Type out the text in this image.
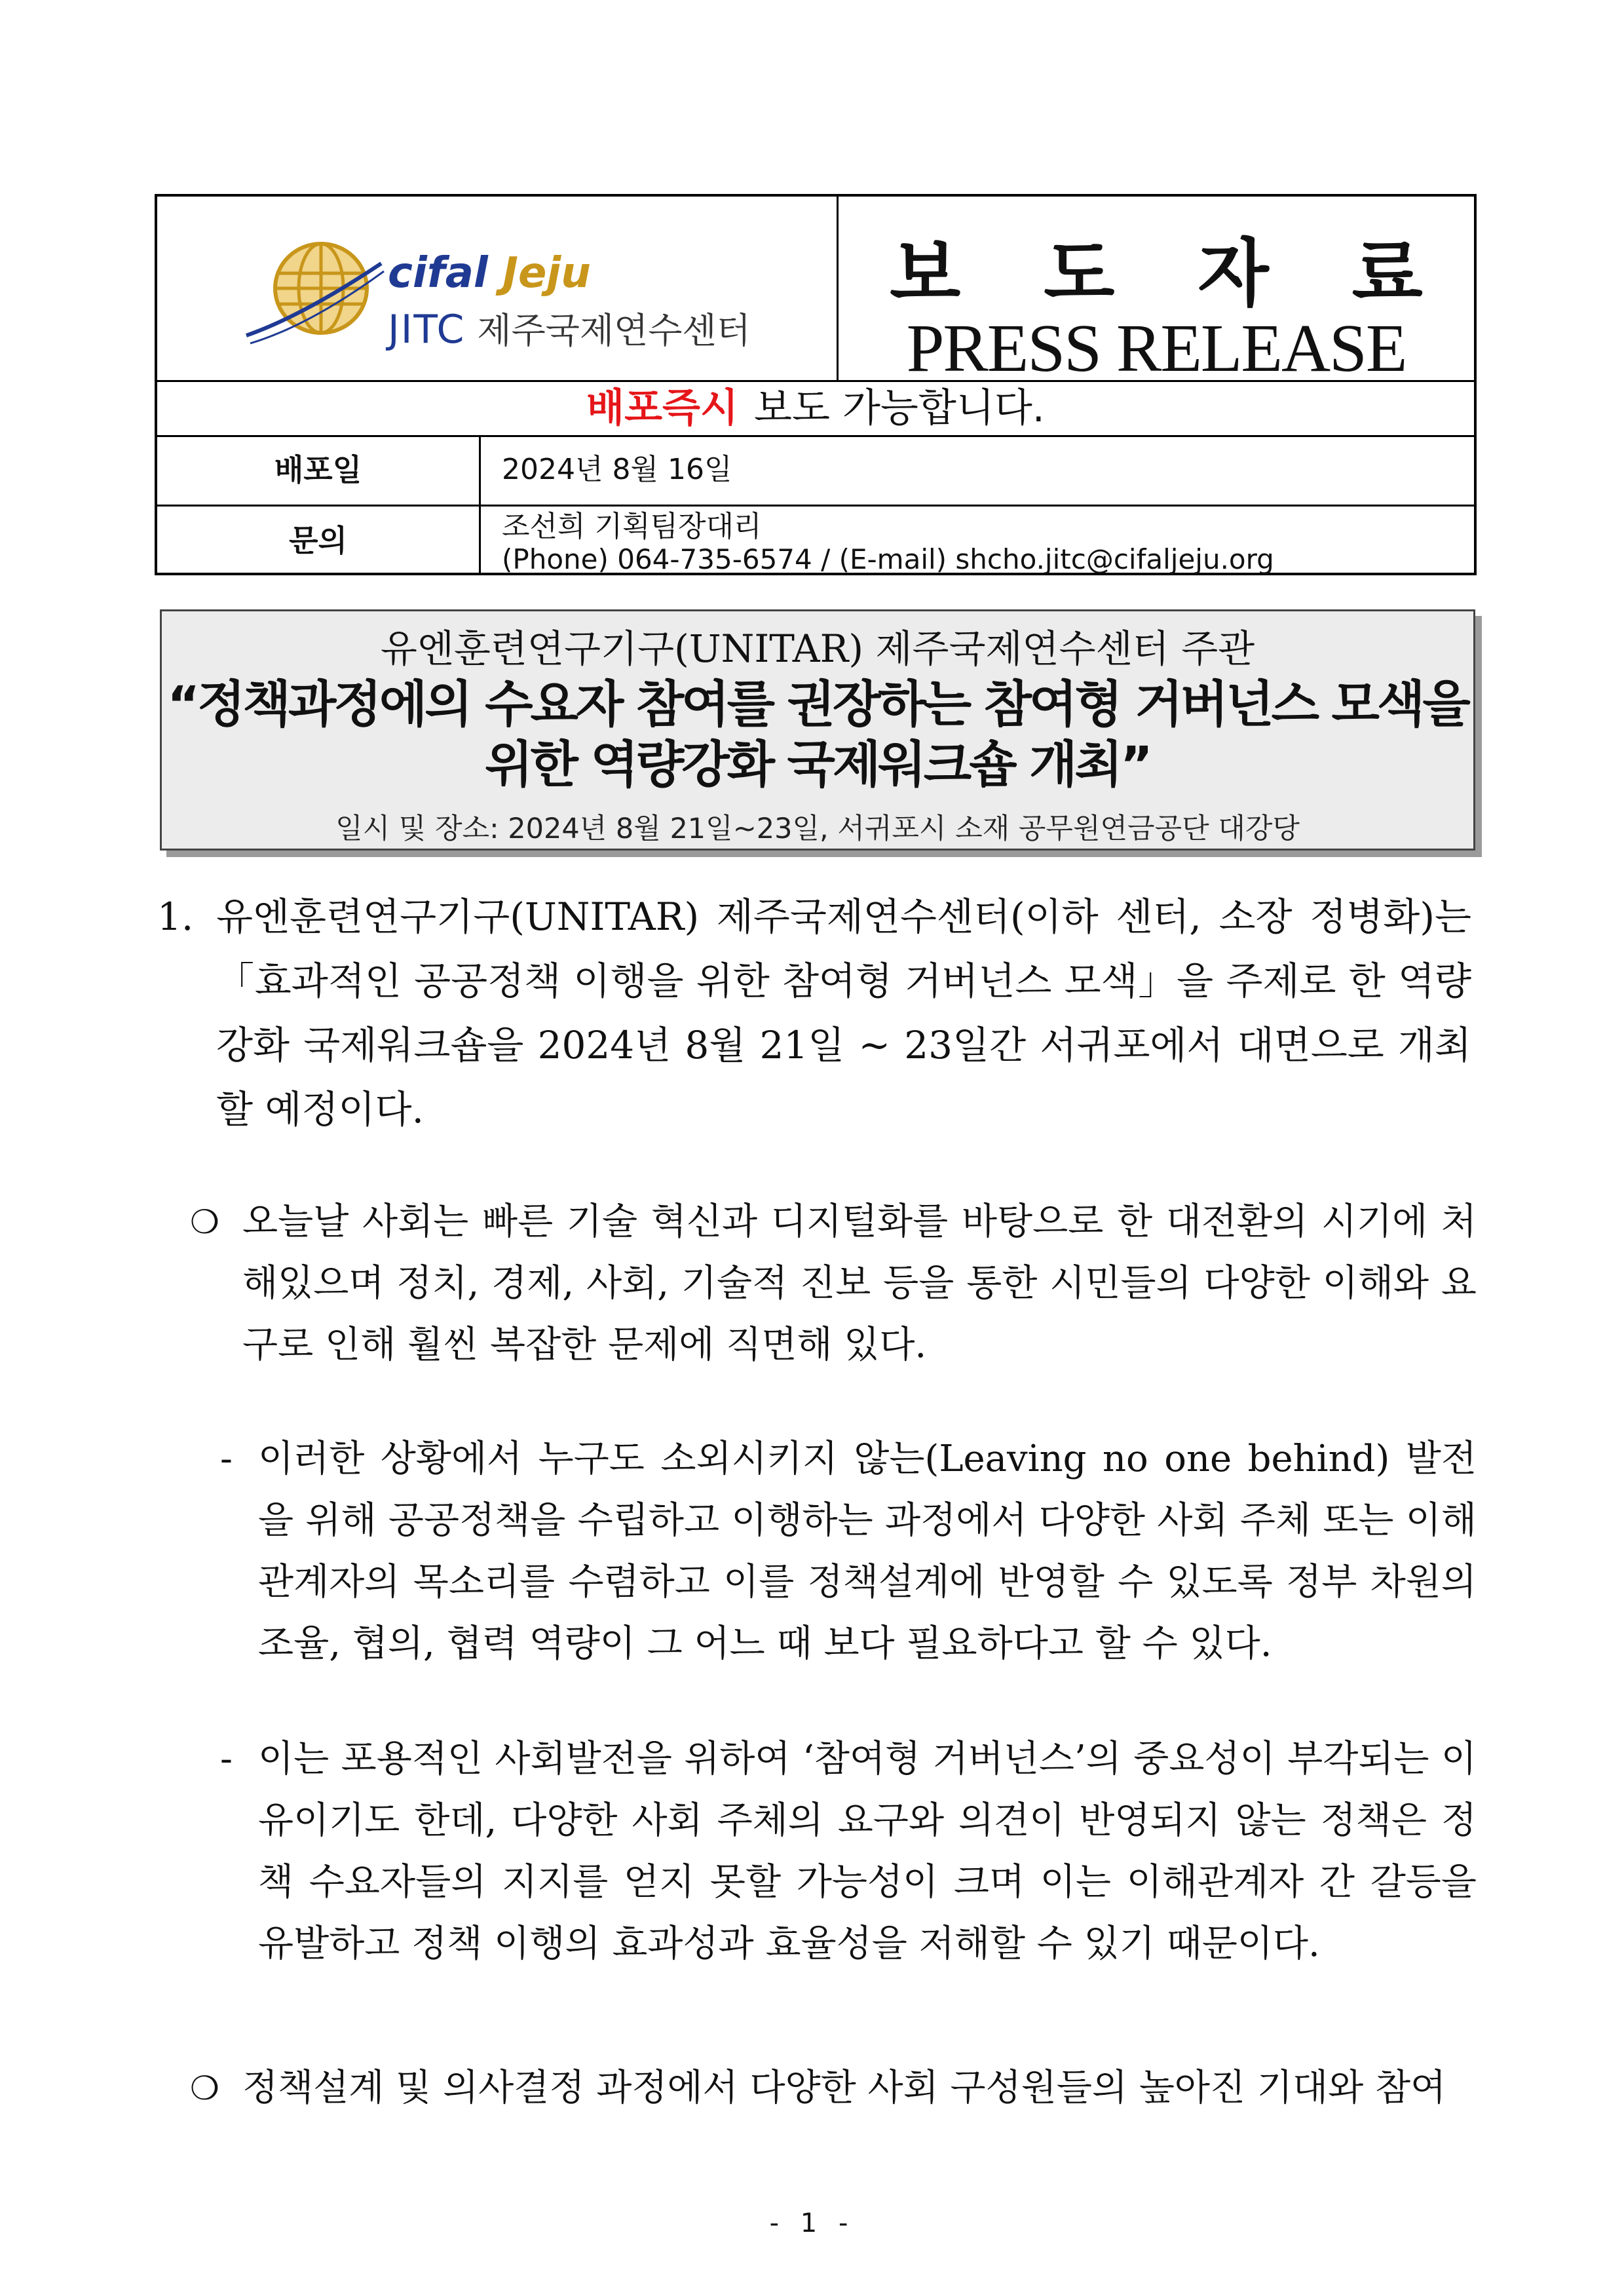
cifal Jeju
JITC 제주국제연수센터
보 도 자 료
PRESS RELEASE
배포즉시 보도 가능합니다.
배포일	2024년 8월 16일
문의	조선희 기획팀장대리
(Phone) 064-735-6574 / (E-mail) shcho.jitc@cifaljeju.org
유엔훈련연구기구(UNITAR) 제주국제연수센터 주관
“정책과정에의 수요자 참여를 권장하는 참여형 거버넌스 모색을
위한 역량강화 국제워크숍 개최”
일시 및 장소: 2024년 8월 21일~23일, 서귀포시 소재 공무원연금공단 대강당
1. 유엔훈련연구기구(UNITAR) 제주국제연수센터(이하 센터, 소장 정병화)는 「효과적인 공공정책 이행을 위한 참여형 거버넌스 모색」을 주제로 한 역량강화 국제워크숍을 2024년 8월 21일 ~ 23일간 서귀포에서 대면으로 개최할 예정이다.
❍ 오늘날 사회는 빠른 기술 혁신과 디지털화를 바탕으로 한 대전환의 시기에 처해있으며 정치, 경제, 사회, 기술적 진보 등을 통한 시민들의 다양한 이해와 요구로 인해 훨씬 복잡한 문제에 직면해 있다.
- 이러한 상황에서 누구도 소외시키지 않는(Leaving no one behind) 발전을 위해 공공정책을 수립하고 이행하는 과정에서 다양한 사회 주체 또는 이해관계자의 목소리를 수렴하고 이를 정책설계에 반영할 수 있도록 정부 차원의 조율, 협의, 협력 역량이 그 어느 때 보다 필요하다고 할 수 있다.
- 이는 포용적인 사회발전을 위하여 ‘참여형 거버넌스’의 중요성이 부각되는 이유이기도 한데, 다양한 사회 주체의 요구와 의견이 반영되지 않는 정책은 정책 수요자들의 지지를 얻지 못할 가능성이 크며 이는 이해관계자 간 갈등을 유발하고 정책 이행의 효과성과 효율성을 저해할 수 있기 때문이다.
❍ 정책설계 및 의사결정 과정에서 다양한 사회 구성원들의 높아진 기대와 참여
- 1 -
